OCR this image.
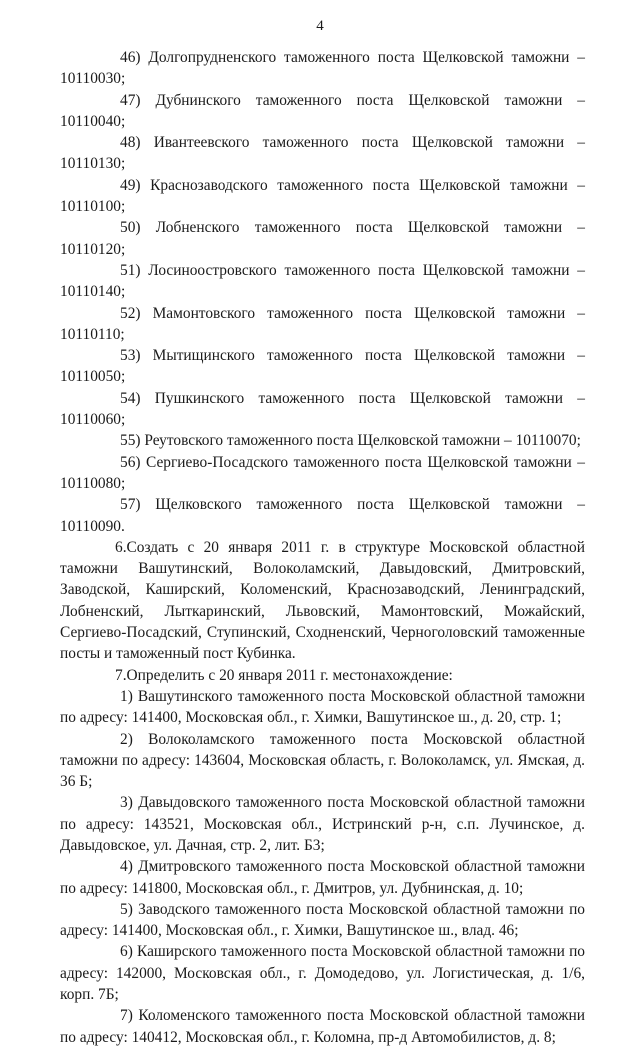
4

46) Долгопрудненского таможенного поста Щелковской таможни – 10110030;

47) Дубнинского таможенного поста Щелковской таможни – 10110040;

48) Ивантеевского таможенного поста Щелковской таможни – 10110130;

49) Краснозаводского таможенного поста Щелковской таможни – 10110100;

50) Лобненского таможенного поста Щелковской таможни – 10110120;

51) Лосиноостровского таможенного поста Щелковской таможни – 10110140;

52) Мамонтовского таможенного поста Щелковской таможни – 10110110;

53) Мытищинского таможенного поста Щелковской таможни – 10110050;

54) Пушкинского таможенного поста Щелковской таможни – 10110060;

55) Реутовского таможенного поста Щелковской таможни – 10110070;

56) Сергиево-Посадского таможенного поста Щелковской таможни – 10110080;

57) Щелковского таможенного поста Щелковской таможни – 10110090.

6.Создать с 20 января 2011 г. в структуре Московской областной таможни Вашутинский, Волоколамский, Давыдовский, Дмитровский, Заводской, Каширский, Коломенский, Краснозаводский, Ленинградский, Лобненский, Лыткаринский, Львовский, Мамонтовский, Можайский, Сергиево-Посадский, Ступинский, Сходненский, Черноголовский таможенные посты и таможенный пост Кубинка.

7.Определить с 20 января 2011 г. местонахождение:

1) Вашутинского таможенного поста Московской областной таможни по адресу: 141400, Московская обл., г. Химки, Вашутинское ш., д. 20, стр. 1;

2) Волоколамского таможенного поста Московской областной таможни по адресу: 143604, Московская область, г. Волоколамск, ул. Ямская, д. 36 Б;

3) Давыдовского таможенного поста Московской областной таможни по адресу: 143521, Московская обл., Истринский р-н, с.п. Лучинское, д. Давыдовское, ул. Дачная, стр. 2, лит. Б3;

4) Дмитровского таможенного поста Московской областной таможни по адресу: 141800, Московская обл., г. Дмитров, ул. Дубнинская, д. 10;

5) Заводского таможенного поста Московской областной таможни по адресу: 141400, Московская обл., г. Химки, Вашутинское ш., влад. 46;

6) Каширского таможенного поста Московской областной таможни по адресу: 142000, Московская обл., г. Домодедово, ул. Логистическая, д. 1/6, корп. 7Б;

7) Коломенского таможенного поста Московской областной таможни по адресу: 140412, Московская обл., г. Коломна, пр-д Автомобилистов, д. 8;
